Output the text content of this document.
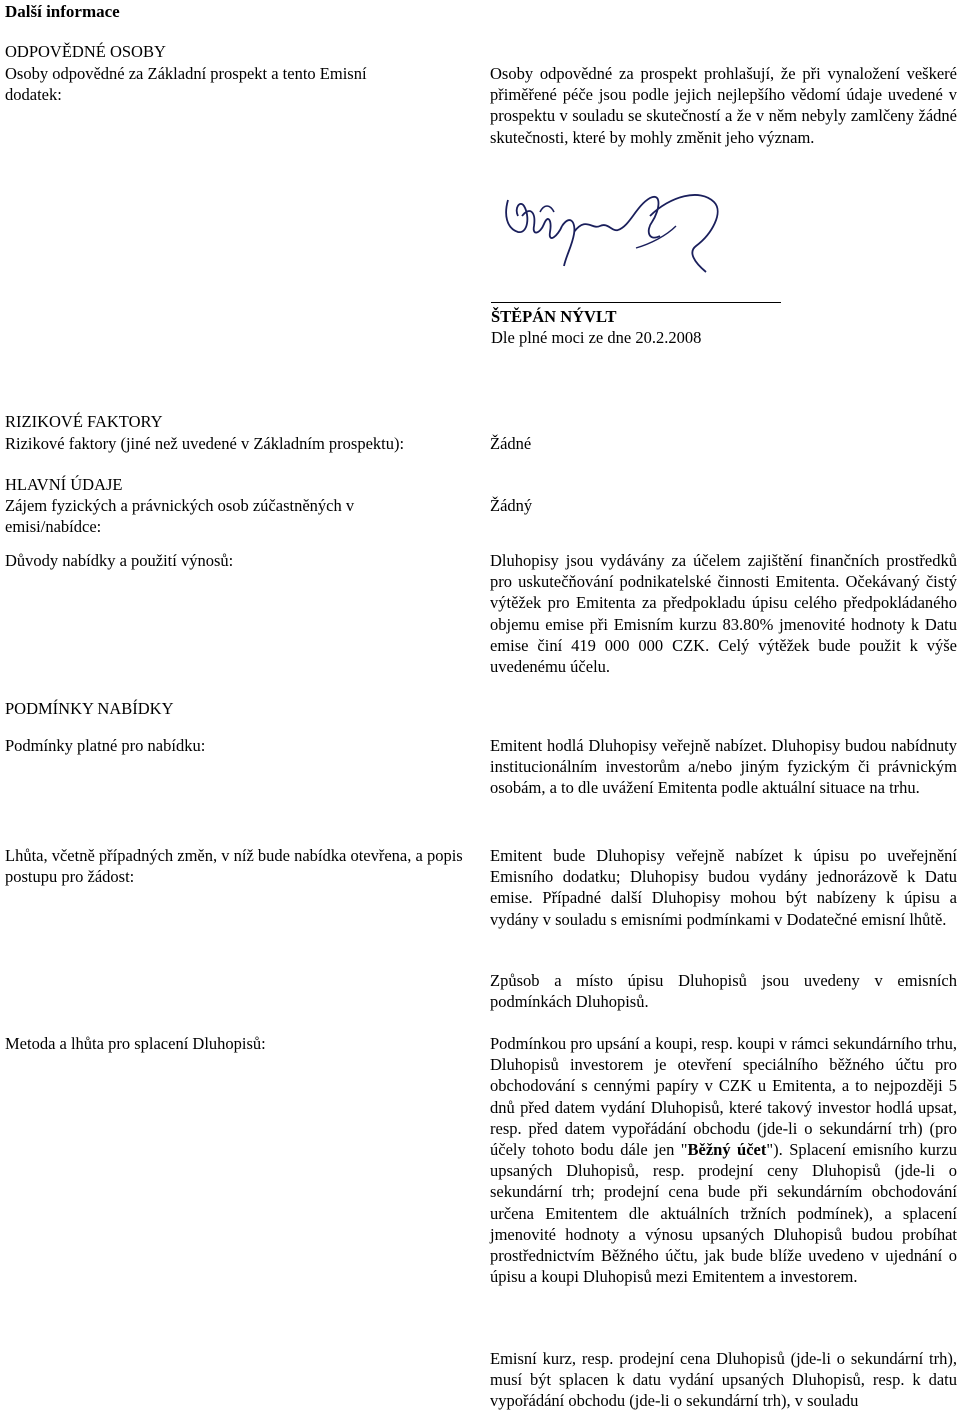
Další informace
ODPOVĚDNÉ OSOBY
Osoby odpovědné za Základní prospekt a tento Emisní dodatek:
Osoby odpovědné za prospekt prohlašují, že při vynaložení veškeré přiměřené péče jsou podle jejich nejlepšího vědomí údaje uvedené v prospektu v souladu se skutečností a že v něm nebyly zamlčeny žádné skutečnosti, které by mohly změnit jeho význam.
ŠTĚPÁN NÝVLT
Dle plné moci ze dne 20.2.2008
RIZIKOVÉ FAKTORY
Rizikové faktory (jiné než uvedené v Základním prospektu):	Žádné
HLAVNÍ ÚDAJE
Zájem fyzických a právnických osob zúčastněných v emisi/nabídce:
Žádný
Důvody nabídky a použití výnosů:	Dluhopisy jsou vydávány za účelem zajištění finančních prostředků pro uskutečňování podnikatelské činnosti Emitenta. Očekávaný čistý výtěžek pro Emitenta za předpokladu úpisu celého předpokládaného objemu emise při Emisním kurzu 83.80% jmenovité hodnoty k Datu emise činí 419 000 000 CZK. Celý výtěžek bude použit k výše uvedenému účelu.
PODMÍNKY NABÍDKY
Podmínky platné pro nabídku:	Emitent hodlá Dluhopisy veřejně nabízet. Dluhopisy budou nabídnuty institucionálním investorům a/nebo jiným fyzickým či právnickým osobám, a to dle uvážení Emitenta podle aktuální situace na trhu.
Lhůta, včetně případných změn, v níž bude nabídka otevřena, a popis postupu pro žádost:
Emitent bude Dluhopisy veřejně nabízet k úpisu po uveřejnění Emisního dodatku; Dluhopisy budou vydány jednorázově k Datu emise. Případné další Dluhopisy mohou být nabízeny k úpisu a vydány v souladu s emisními podmínkami v Dodatečné emisní lhůtě.
Způsob a místo úpisu Dluhopisů jsou uvedeny v emisních podmínkách Dluhopisů.
Metoda a lhůta pro splacení Dluhopisů:	Podmínkou pro upsání a koupi, resp. koupi v rámci sekundárního trhu, Dluhopisů investorem je otevření speciálního běžného účtu pro obchodování s cennými papíry v CZK u Emitenta, a to nejpozději 5 dnů před datem vydání Dluhopisů, které takový investor hodlá upsat, resp. před datem vypořádání obchodu (jde-li o sekundární trh) (pro účely tohoto bodu dále jen "Běžný účet"). Splacení emisního kurzu upsaných Dluhopisů, resp. prodejní ceny Dluhopisů (jde-li o sekundární trh; prodejní cena bude při sekundárním obchodování určena Emitentem dle aktuálních tržních podmínek), a splacení jmenovité hodnoty a výnosu upsaných Dluhopisů budou probíhat prostřednictvím Běžného účtu, jak bude blíže uvedeno v ujednání o úpisu a koupi Dluhopisů mezi Emitentem a investorem.
Emisní kurz, resp. prodejní cena Dluhopisů (jde-li o sekundární trh), musí být splacen k datu vydání upsaných Dluhopisů, resp. k datu vypořádání obchodu (jde-li o sekundární trh), v souladu
